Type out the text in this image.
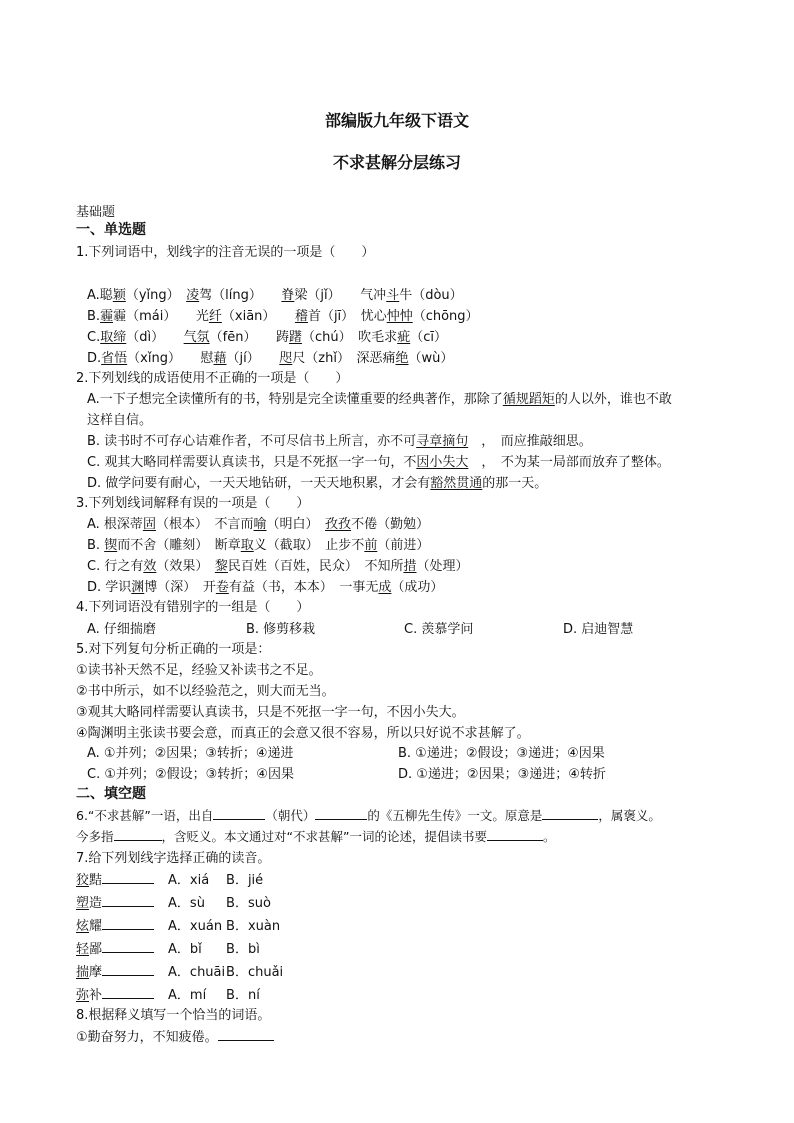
部编版九年级下语文
不求甚解分层练习
基础题
一、单选题
1.下列词语中，划线字的注音无误的一项是（　　）
A.聪颖（yǐng）　 凌驾（líng）　　 脊梁（jǐ）　　 气冲斗牛（dòu）
B.霾霾（mái）　　 光纤（xiān）　　 稽首（jī）　 忧心忡忡（chōng）
C.取缔（dì）　　 气氛（fēn）　　 踌躇（chú）　 吹毛求疵（cī）
D.省悟（xǐng）　　 慰藉（jí）　　 咫尺（zhǐ）　 深恶痛绝（wù）
2.下列划线的成语使用不正确的一项是（　　）
A.一下子想完全读懂所有的书，特别是完全读懂重要的经典著作，那除了循规蹈矩的人以外，谁也不敢
这样自信。
B. 读书时不可存心诘难作者，不可尽信书上所言，亦不可寻章摘句　，　而应推敲细思。
C. 观其大略同样需要认真读书，只是不死抠一字一句，不因小失大　，　不为某一局部而放弃了整体。
D. 做学问要有耐心，一天天地钻研，一天天地积累，才会有豁然贯通的那一天。
3.下列划线词解释有误的一项是（　　）
A. 根深蒂固（根本）　 不言而喻（明白）　 孜孜不倦（勤勉）
B. 锲而不舍（雕刻）　 断章取义（截取）　 止步不前（前进）
C. 行之有效（效果）　 黎民百姓（百姓，民众）　 不知所措（处理）
D. 学识渊博（深）　 开卷有益（书，本本）　 一事无成（成功）
4.下列词语没有错别字的一组是（　　）
A. 仔细揣磨	B. 修剪移栽	C. 羡慕学问	D. 启迪智慧
5.对下列复句分析正确的一项是：
①读书补天然不足，经验又补读书之不足。
②书中所示，如不以经验范之，则大而无当。
③观其大略同样需要认真读书，只是不死抠一字一句，不因小失大。
④陶渊明主张读书要会意，而真正的会意又很不容易，所以只好说不求甚解了。
A. ①并列；②因果；③转折；④递进	B. ①递进；②假设；③递进；④因果
C. ①并列；②假设；③转折；④因果	D. ①递进；②因果；③递进；④转折
二、填空题
6.“不求甚解”一语，出自	（朝代）	的《五柳先生传》一文。原意是	，属褒义。
今多指	，含贬义。本文通过对“不求甚解”一词的论述，提倡读书要	。
7.给下列划线字选择正确的读音。
狡黠	A．xiá B．jié
塑造	A．sù B．suò
炫耀	A．xuán B．xuàn
轻鄙	A．bǐ B．bì
揣摩	A．chuāiB．chuǎi
弥补	A．mí B．ní
8.根据释义填写一个恰当的词语。
①勤奋努力，不知疲倦。
